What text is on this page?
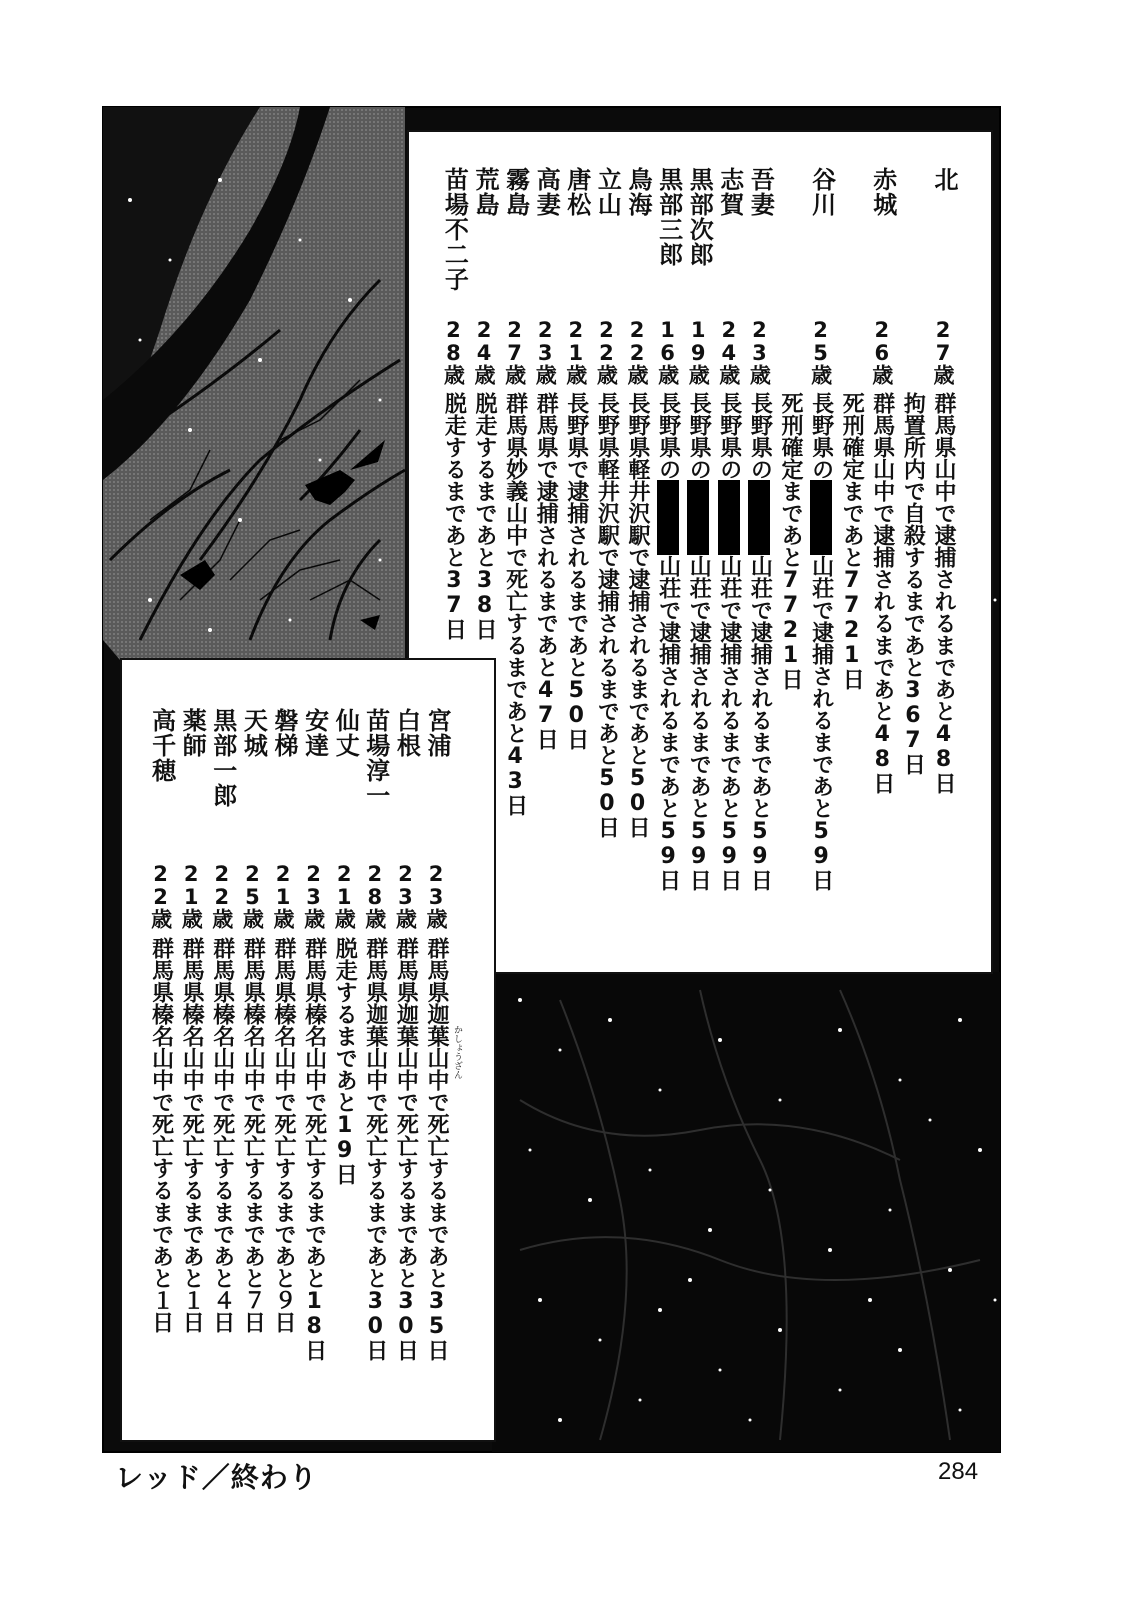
北
27歳
群馬県山中で逮捕されるまであと48日
拘置所内で自殺するまであと367日
赤城
26歳
群馬県山中で逮捕されるまであと48日
死刑確定まであと7721日
谷川
25歳
長野県の■■■山荘で逮捕されるまであと59日
死刑確定まであと7721日
吾妻
23歳
長野県の■■■山荘で逮捕されるまであと59日
志賀
24歳
長野県の■■■山荘で逮捕されるまであと59日
黒部次郎
19歳
長野県の■■■山荘で逮捕されるまであと59日
黒部三郎
16歳
長野県の■■■山荘で逮捕されるまであと59日
鳥海
22歳
長野県軽井沢駅で逮捕されるまであと50日
立山
22歳
長野県軽井沢駅で逮捕されるまであと50日
唐松
21歳
長野県で逮捕されるまであと50日
高妻
23歳
群馬県で逮捕されるまであと47日
霧島
27歳
群馬県妙義山中で死亡するまであと43日
荒島
24歳
脱走するまであと38日
苗場不二子
28歳
脱走するまであと37日
宮浦
23歳
群馬県迦葉山中で死亡するまであと35日 かしょうざん
白根
23歳
群馬県迦葉山中で死亡するまであと30日
苗場淳一
28歳
群馬県迦葉山中で死亡するまであと30日
仙丈
21歳
脱走するまであと19日
安達
23歳
群馬県榛名山中で死亡するまであと18日
磐梯
21歳
群馬県榛名山中で死亡するまであと９日
天城
25歳
群馬県榛名山中で死亡するまであと７日
黒部一郎
22歳
群馬県榛名山中で死亡するまであと４日
薬師
21歳
群馬県榛名山中で死亡するまであと１日
高千穂
22歳
群馬県榛名山中で死亡するまであと１日
レッド／終わり	284
